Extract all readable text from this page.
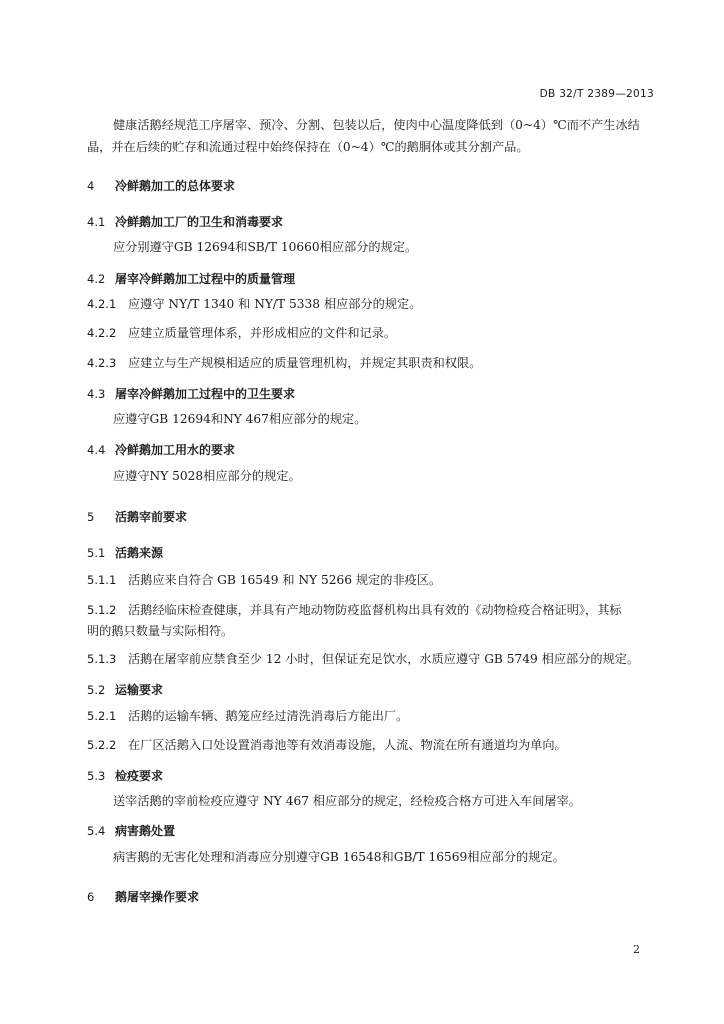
DB 32/T 2389—2013
健康活鹅经规范工序屠宰、预冷、分割、包装以后，使肉中心温度降低到（0~4）℃而不产生冰结
晶，并在后续的贮存和流通过程中始终保持在（0~4）℃的鹅胴体或其分割产品。
4 冷鲜鹅加工的总体要求
4.1 冷鲜鹅加工厂的卫生和消毒要求
应分别遵守GB 12694和SB/T 10660相应部分的规定。
4.2 屠宰冷鲜鹅加工过程中的质量管理
4.2.1 应遵守 NY/T 1340 和 NY/T 5338 相应部分的规定。
4.2.2 应建立质量管理体系，并形成相应的文件和记录。
4.2.3 应建立与生产规模相适应的质量管理机构，并规定其职责和权限。
4.3 屠宰冷鲜鹅加工过程中的卫生要求
应遵守GB 12694和NY 467相应部分的规定。
4.4 冷鲜鹅加工用水的要求
应遵守NY 5028相应部分的规定。
5 活鹅宰前要求
5.1 活鹅来源
5.1.1 活鹅应来自符合 GB 16549 和 NY 5266 规定的非疫区。
5.1.2 活鹅经临床检查健康，并具有产地动物防疫监督机构出具有效的《动物检疫合格证明》，其标
明的鹅只数量与实际相符。
5.1.3 活鹅在屠宰前应禁食至少 12 小时，但保证充足饮水，水质应遵守 GB 5749 相应部分的规定。
5.2 运输要求
5.2.1 活鹅的运输车辆、鹅笼应经过清洗消毒后方能出厂。
5.2.2 在厂区活鹅入口处设置消毒池等有效消毒设施，人流、物流在所有通道均为单向。
5.3 检疫要求
送宰活鹅的宰前检疫应遵守 NY 467 相应部分的规定，经检疫合格方可进入车间屠宰。
5.4 病害鹅处置
病害鹅的无害化处理和消毒应分别遵守GB 16548和GB/T 16569相应部分的规定。
6 鹅屠宰操作要求
2
